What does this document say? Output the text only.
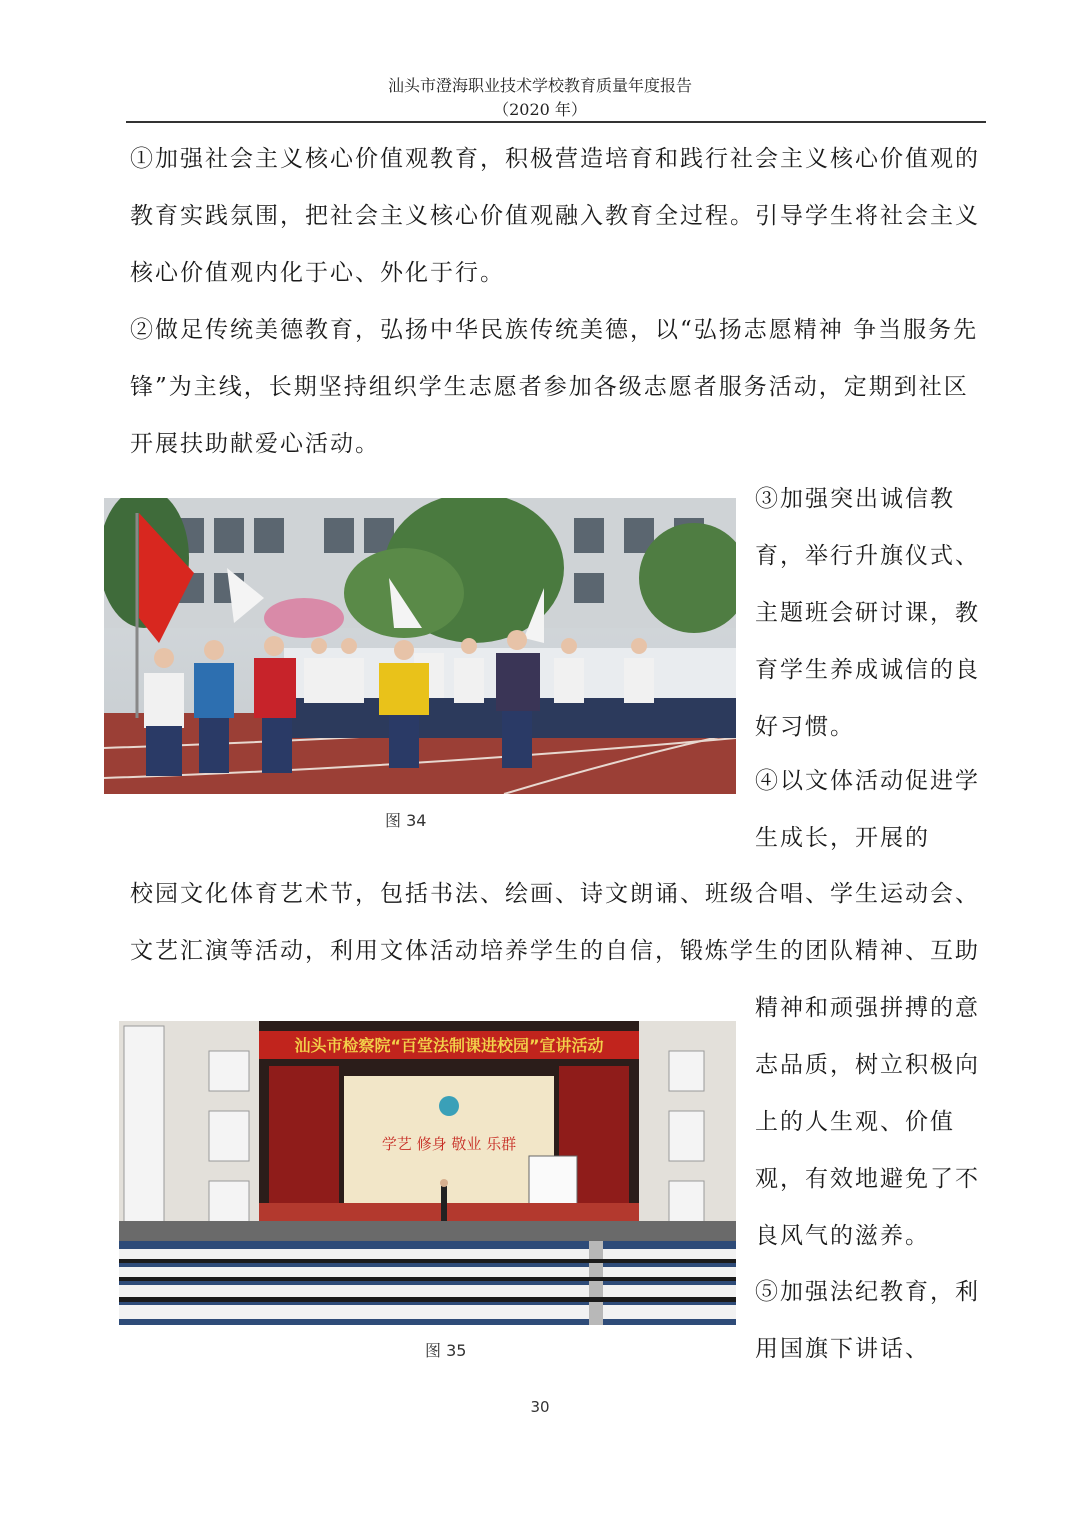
汕头市澄海职业技术学校教育质量年度报告
（2020 年）

①加强社会主义核心价值观教育，积极营造培育和践行社会主义核心价值观的教育实践氛围，把社会主义核心价值观融入教育全过程。引导学生将社会主义核心价值观内化于心、外化于行。

②做足传统美德教育，弘扬中华民族传统美德，以“弘扬志愿精神 争当服务先锋”为主线，长期坚持组织学生志愿者参加各级志愿者服务活动，定期到社区开展扶助献爱心活动。

图 34

③加强突出诚信教育，举行升旗仪式、主题班会研讨课，教育学生养成诚信的良好习惯。

④以文体活动促进学生成长，开展的

校园文化体育艺术节，包括书法、绘画、诗文朗诵、班级合唱、学生运动会、文艺汇演等活动，利用文体活动培养学生的自信，锻炼学生的团队精神、互助

精神和顽强拼搏的意志品质，树立积极向上的人生观、价值观，有效地避免了不良风气的滋养。

⑤加强法纪教育，利用国旗下讲话、

汕头市检察院“百堂法制课进校园”宣讲活动
学艺 修身 敬业 乐群
图 35
30
